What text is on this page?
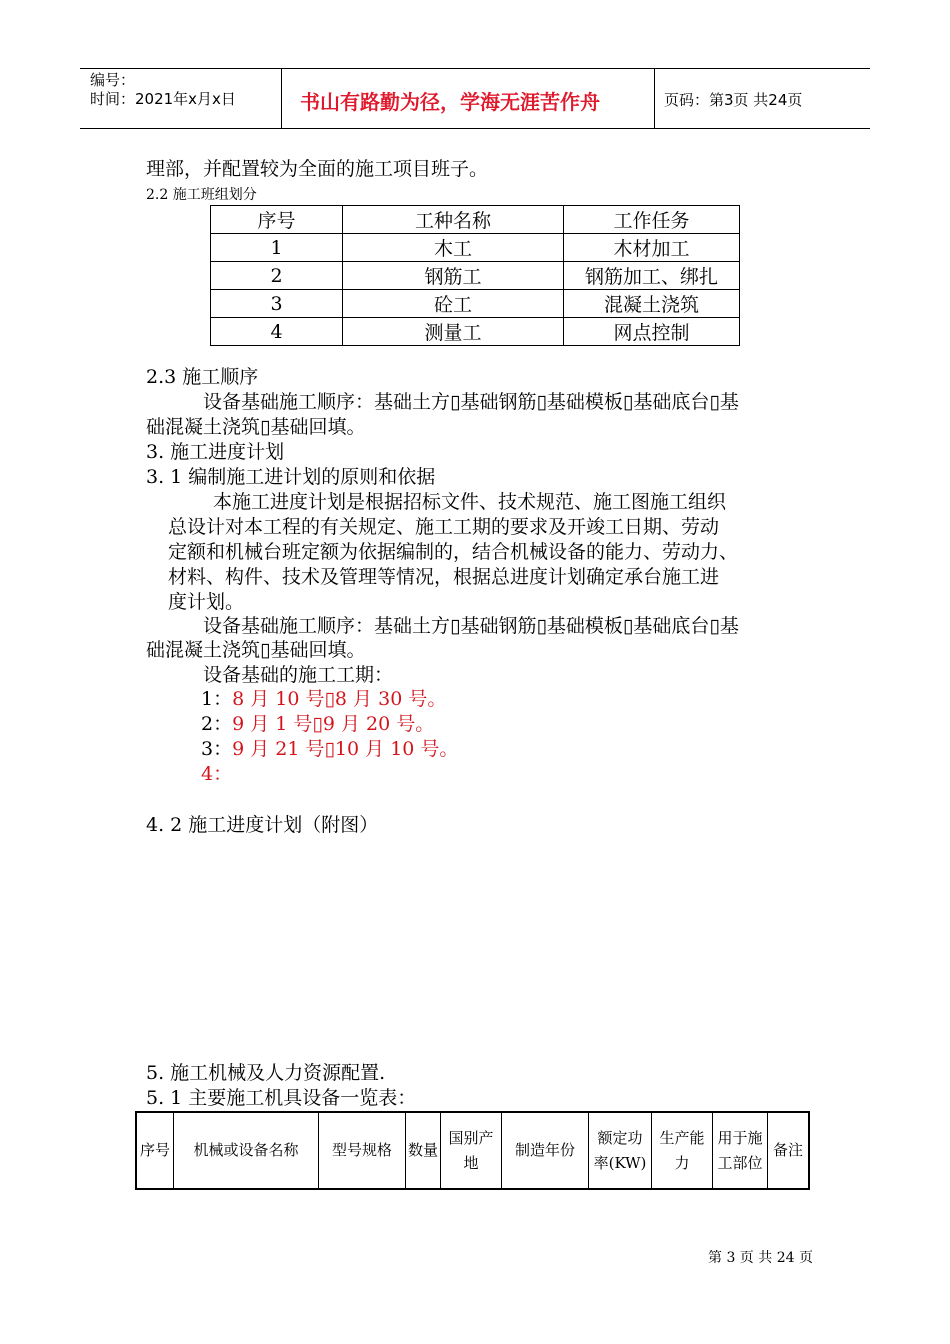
编号：
时间：2021年x月x日	书山有路勤为径，学海无涯苦作舟	页码：第3页 共24页
理部，并配置较为全面的施工项目班子。
2.2 施工班组划分
序号	工种名称	工作任务
1	木工	木材加工
2	钢筋工	钢筋加工、绑扎
3	砼工	混凝土浇筑
4	测量工	网点控制
2.3 施工顺序
设备基础施工顺序：基础土方▯基础钢筋▯基础模板▯基础底台▯基
础混凝土浇筑▯基础回填。
3. 施工进度计划
3. 1 编制施工进计划的原则和依据
本施工进度计划是根据招标文件、技术规范、施工图施工组织
总设计对本工程的有关规定、施工工期的要求及开竣工日期、劳动
定额和机械台班定额为依据编制的，结合机械设备的能力、劳动力、
材料、构件、技术及管理等情况，根据总进度计划确定承台施工进
度计划。
设备基础施工顺序：基础土方▯基础钢筋▯基础模板▯基础底台▯基
础混凝土浇筑▯基础回填。
设备基础的施工工期：
1：8 月 10 号▯8 月 30 号。
2：9 月 1 号▯9 月 20 号。
3：9 月 21 号▯10 月 10 号。
4：
4. 2 施工进度计划（附图）
5. 施工机械及人力资源配置.
5. 1 主要施工机具设备一览表：
序号	机械或设备名称	型号规格	数量	国别产地	制造年份	额定功率(KW)	生产能力	用于施工部位	备注
第 3 页 共 24 页
